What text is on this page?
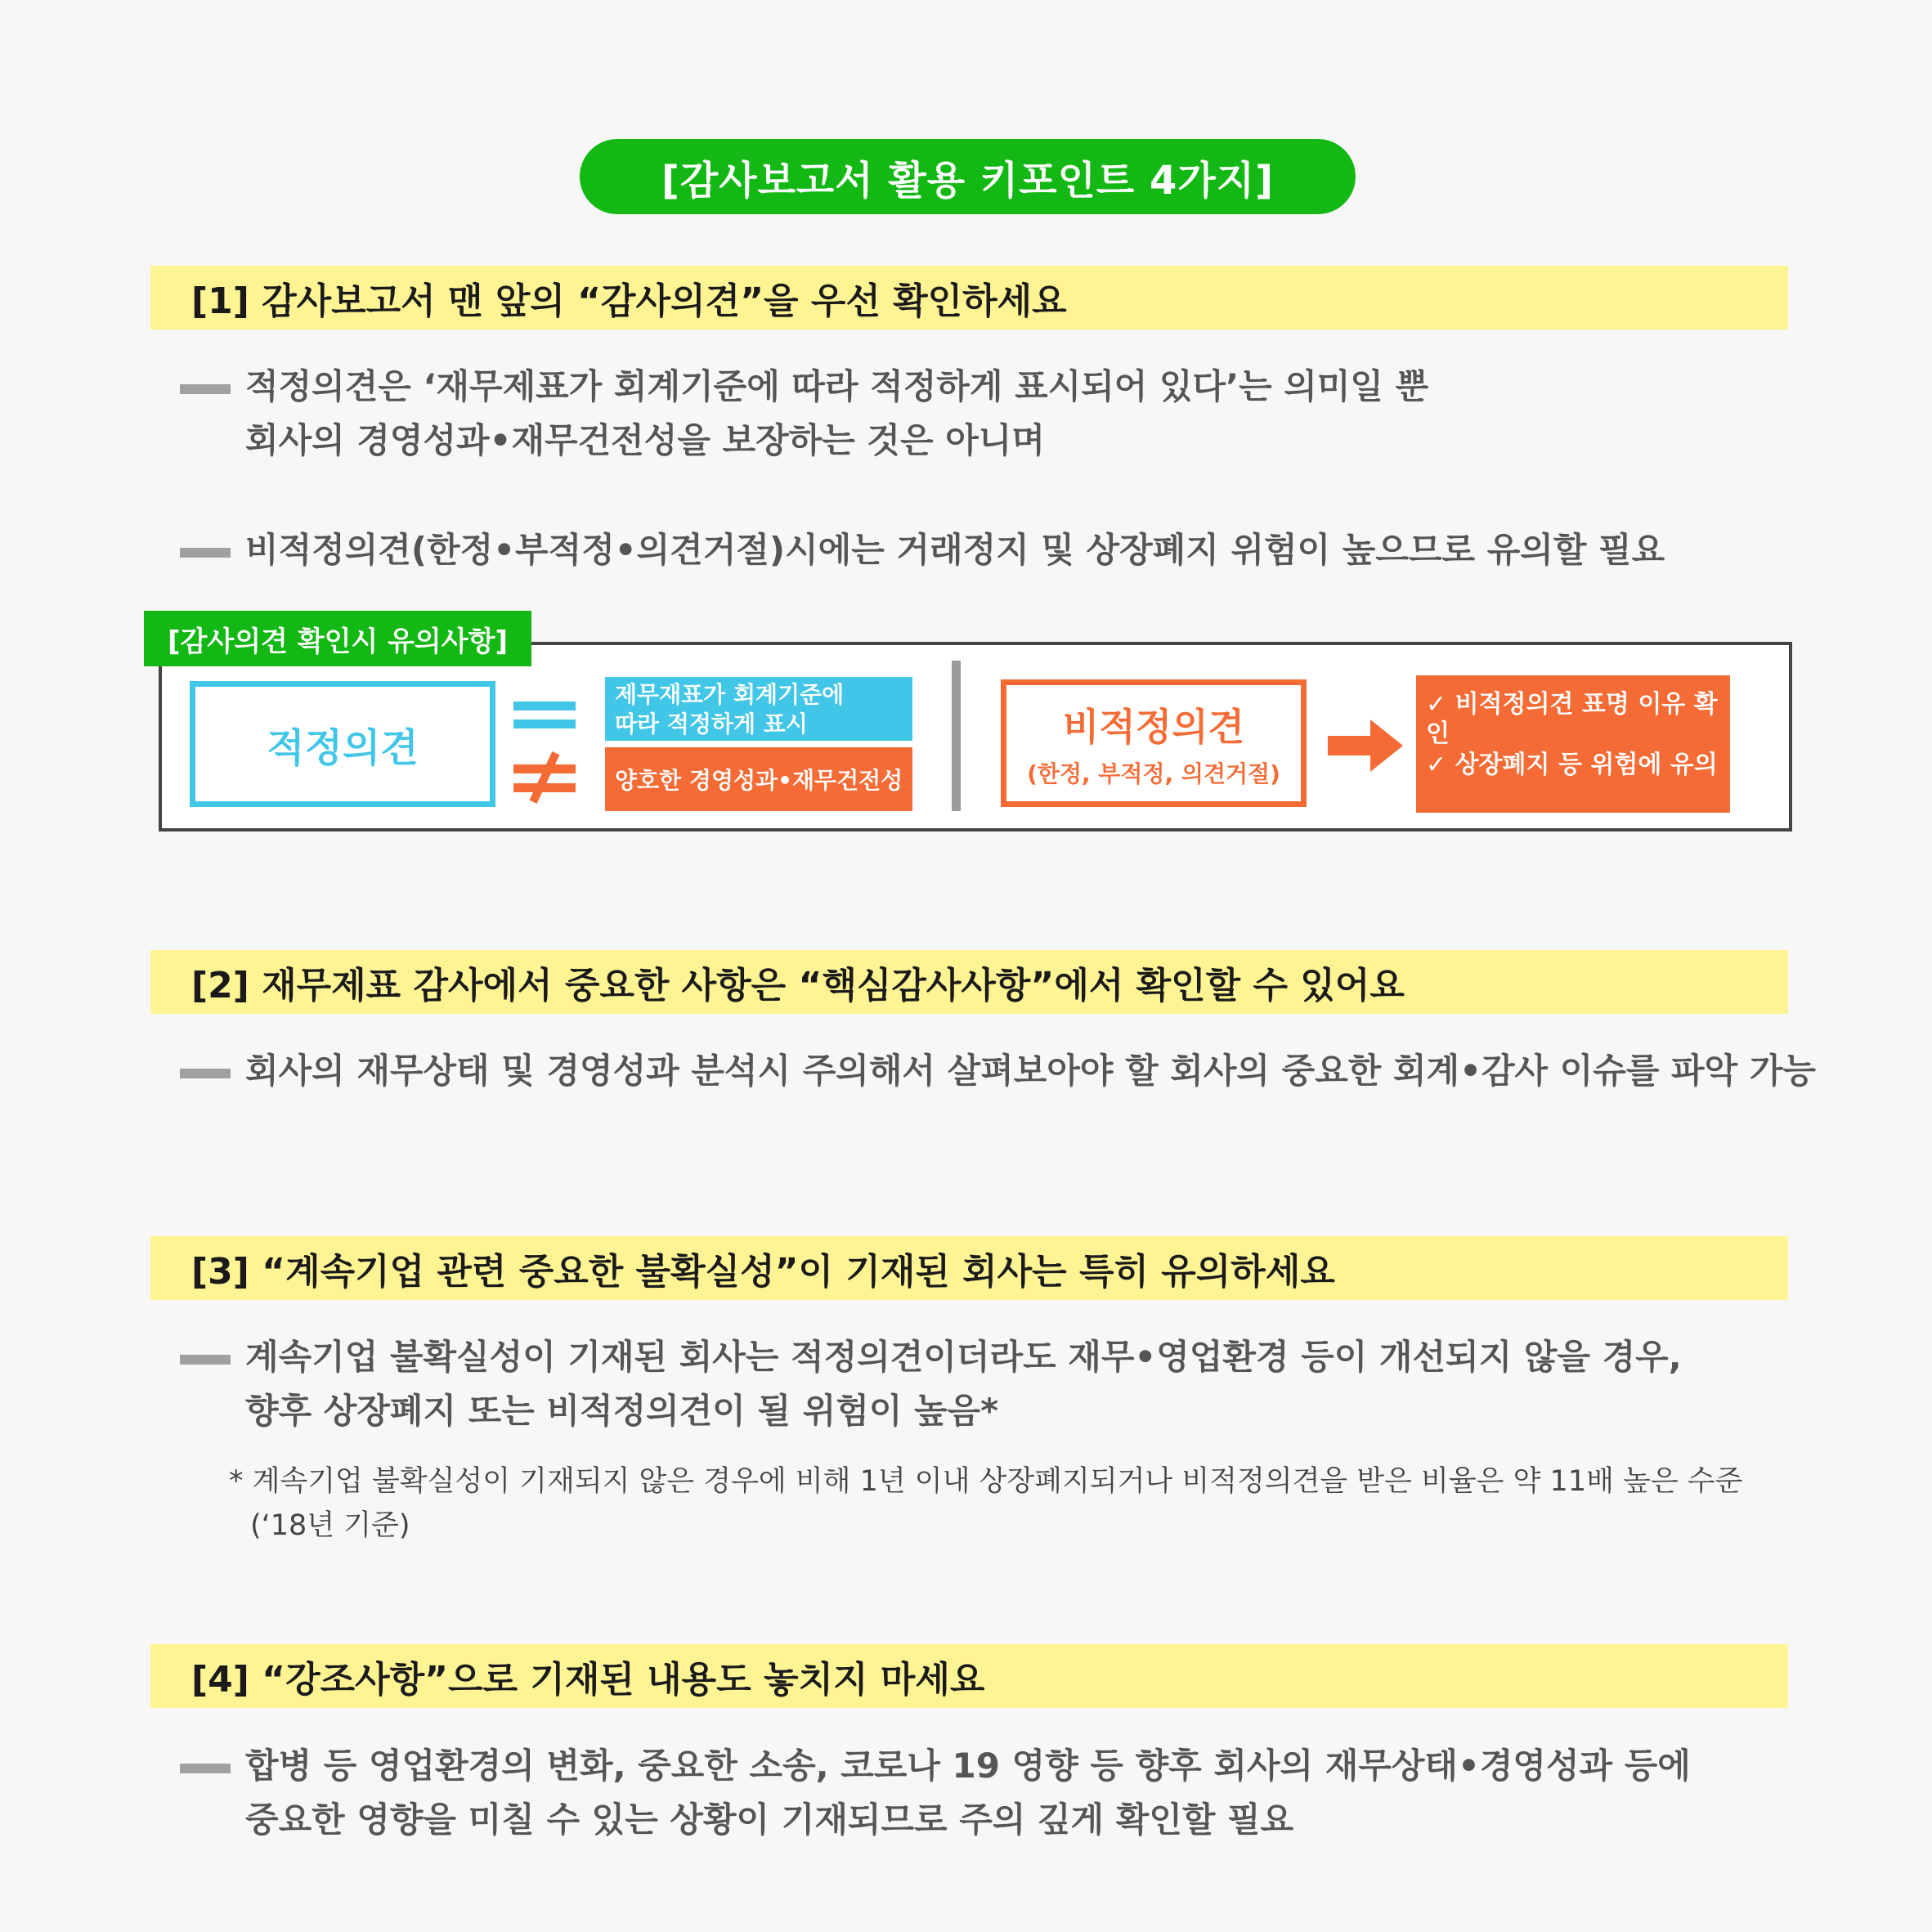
[감사보고서 활용 키포인트 4가지]
[1] 감사보고서 맨 앞의 “감사의견”을 우선 확인하세요
적정의견은 ‘재무제표가 회계기준에 따라 적정하게 표시되어 있다’는 의미일 뿐
회사의 경영성과•재무건전성을 보장하는 것은 아니며
비적정의견(한정•부적정•의견거절)시에는 거래정지 및 상장폐지 위험이 높으므로 유의할 필요
[감사의견 확인시 유의사항]
적정의견
제무재표가 회계기준에
따라 적정하게 표시
양호한 경영성과•재무건전성
비적정의견
(한정, 부적정, 의견거절)
✓ 비적정의견 표명 이유 확인
✓ 상장폐지 등 위험에 유의
[2] 재무제표 감사에서 중요한 사항은 “핵심감사사항”에서 확인할 수 있어요
회사의 재무상태 및 경영성과 분석시 주의해서 살펴보아야 할 회사의 중요한 회계•감사 이슈를 파악 가능
[3] “계속기업 관련 중요한 불확실성”이 기재된 회사는 특히 유의하세요
계속기업 불확실성이 기재된 회사는 적정의견이더라도 재무•영업환경 등이 개선되지 않을 경우,
향후 상장폐지 또는 비적정의견이 될 위험이 높음*
* 계속기업 불확실성이 기재되지 않은 경우에 비해 1년 이내 상장폐지되거나 비적정의견을 받은 비율은 약 11배 높은 수준
(‘18년 기준)
[4] “강조사항”으로 기재된 내용도 놓치지 마세요
합병 등 영업환경의 변화, 중요한 소송, 코로나 19 영향 등 향후 회사의 재무상태•경영성과 등에
중요한 영향을 미칠 수 있는 상황이 기재되므로 주의 깊게 확인할 필요
